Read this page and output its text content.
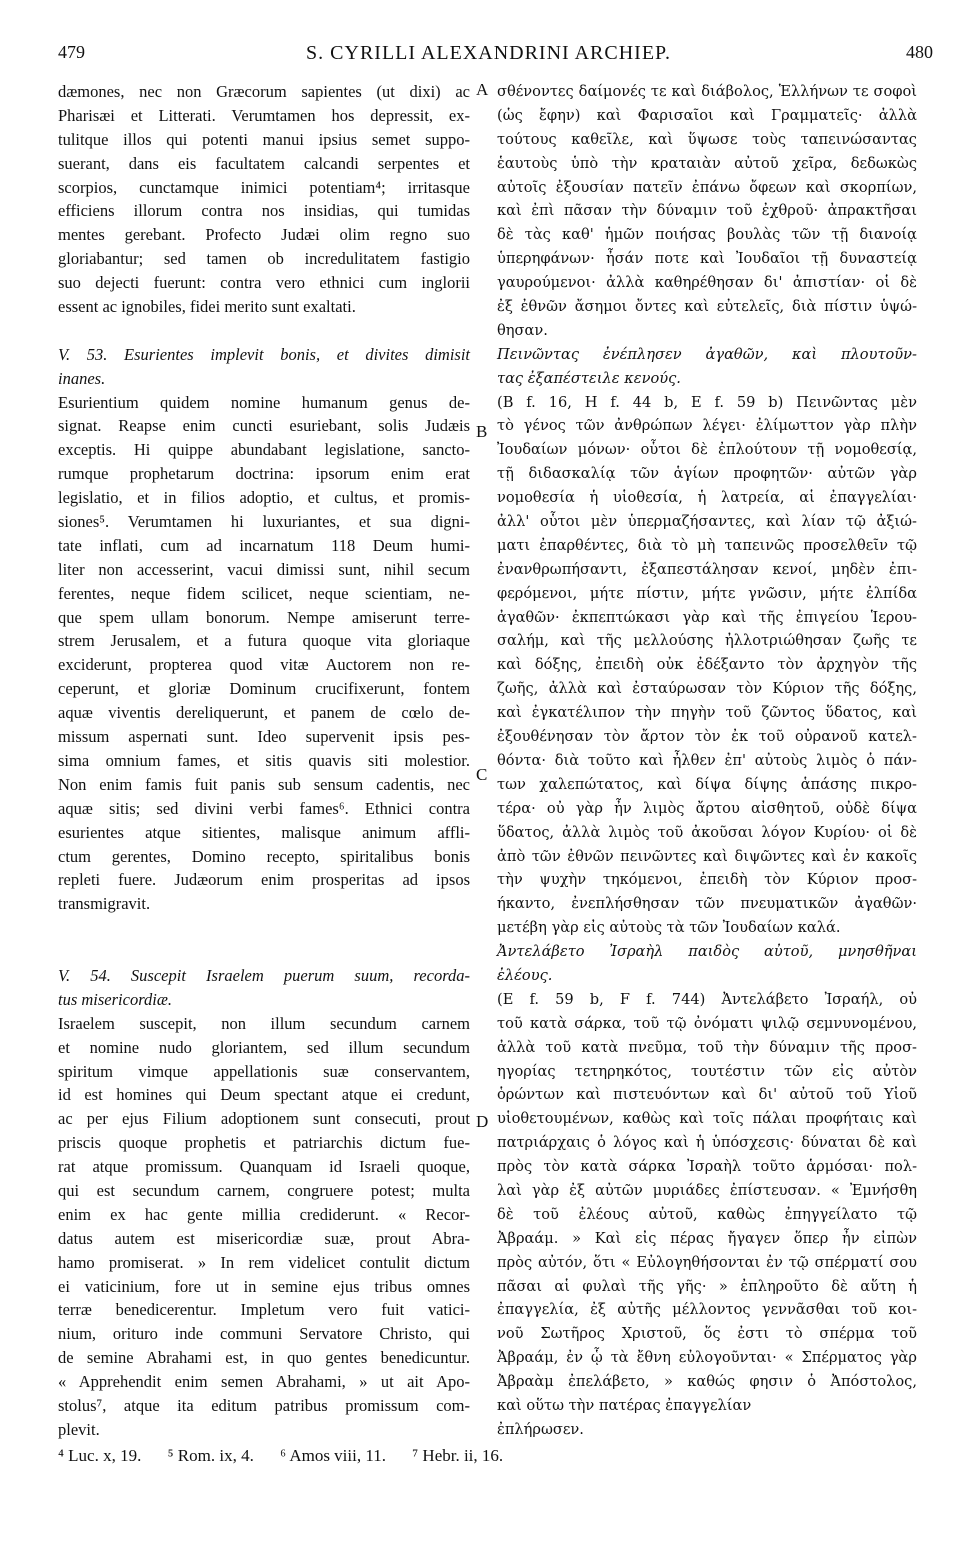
479	S. CYRILLI ALEXANDRINI ARCHIEP.	480
dæmones, nec non Græcorum sapientes (ut dixi) ac
Pharisæi et Litterati. Verumtamen hos depressit, ex-
tulitque illos qui potenti manui ipsius semet suppo-
suerant, dans eis facultatem calcandi serpentes et
scorpios, cunctamque inimici potentiam⁴; irritasque
efficiens illorum contra nos insidias, qui tumidas
mentes gerebant. Profecto Judæi olim regno suo
gloriabantur; sed tamen ob incredulitatem fastigio
suo dejecti fuerunt: contra vero ethnici cum inglorii
essent ac ignobiles, fidei merito sunt exaltati.
V. 53. Esurientes implevit bonis, et divites dimisit
inanes.
Esurientium quidem nomine humanum genus de-
signat. Reapse enim cuncti esuriebant, solis Judæis
exceptis. Hi quippe abundabant legislatione, sancto-
rumque prophetarum doctrina: ipsorum enim erat
legislatio, et in filios adoptio, et cultus, et promis-
siones⁵. Verumtamen hi luxuriantes, et sua digni-
tate inflati, cum ad incarnatum 118 Deum humi-
liter non accesserint, vacui dimissi sunt, nihil secum
ferentes, neque fidem scilicet, neque scientiam, ne-
que spem ullam bonorum. Nempe amiserunt terre-
strem Jerusalem, et a futura quoque vita gloriaque
exciderunt, propterea quod vitæ Auctorem non re-
ceperunt, et gloriæ Dominum crucifixerunt, fontem
aquæ viventis dereliquerunt, et panem de cœlo de-
missum aspernati sunt. Ideo supervenit ipsis pes-
sima omnium fames, et sitis quavis siti molestior.
Non enim famis fuit panis sub sensum cadentis, nec
aquæ sitis; sed divini verbi fames⁶. Ethnici contra
esurientes atque sitientes, malisque animum affli-
ctum gerentes, Domino recepto, spiritalibus bonis
repleti fuere. Judæorum enim prosperitas ad ipsos
transmigravit.
V. 54. Suscepit Israelem puerum suum, recorda-
tus misericordiæ.
Israelem suscepit, non illum secundum carnem
et nomine nudo gloriantem, sed illum secundum
spiritum vimque appellationis suæ conservantem,
id est homines qui Deum spectant atque ei credunt,
ac per ejus Filium adoptionem sunt consecuti, prout
priscis quoque prophetis et patriarchis dictum fue-
rat atque promissum. Quanquam id Israeli quoque,
qui est secundum carnem, congruere potest; multa
enim ex hac gente millia crediderunt. « Recor-
datus autem est misericordiæ suæ, prout Abra-
hamo promiserat. » In rem videlicet contulit dictum
ei vaticinium, fore ut in semine ejus tribus omnes
terræ benedicerentur. Impletum vero fuit vatici-
nium, orituro inde communi Servatore Christo, qui
de semine Abrahami est, in quo gentes benedicuntur.
« Apprehendit enim semen Abrahami, » ut ait Apo-
stolus⁷, atque ita editum patribus promissum com-
plevit.
σθένοντες δαίμονές τε καὶ διάβολος, Ἑλλήνων τε σοφοὶ
(ὡς ἔφην) καὶ Φαρισαῖοι καὶ Γραμματεῖς· ἀλλὰ
τούτους καθεῖλε, καὶ ὕψωσε τοὺς ταπεινώσαντας
ἑαυτοὺς ὑπὸ τὴν κραταιὰν αὐτοῦ χεῖρα, δεδωκὼς
αὐτοῖς ἐξουσίαν πατεῖν ἐπάνω ὄφεων καὶ σκορπίων,
καὶ ἐπὶ πᾶσαν τὴν δύναμιν τοῦ ἐχθροῦ· ἀπρακτῆσαι
δὲ τὰς καθ' ἡμῶν ποιήσας βουλὰς τῶν τῇ διανοίᾳ
ὑπερηφάνων· ἦσάν ποτε καὶ Ἰουδαῖοι τῇ δυναστείᾳ
γαυρούμενοι· ἀλλὰ καθηρέθησαν δι' ἀπιστίαν· οἱ δὲ
ἐξ ἐθνῶν ἄσημοι ὄντες καὶ εὐτελεῖς, διὰ πίστιν ὑψώ-
θησαν.
Πεινῶντας ἐνέπλησεν ἀγαθῶν, καὶ πλουτοῦν-
τας ἐξαπέστειλε κενούς.
(B f. 16, H f. 44 b, E f. 59 b) Πεινῶντας μὲν
τὸ γένος τῶν ἀνθρώπων λέγει· ἐλίμωττον γὰρ πλὴν
Ἰουδαίων μόνων· οὗτοι δὲ ἐπλούτουν τῇ νομοθεσίᾳ,
τῇ διδασκαλίᾳ τῶν ἁγίων προφητῶν· αὐτῶν γὰρ
νομοθεσία ἡ υἱοθεσία, ἡ λατρεία, αἱ ἐπαγγελίαι·
ἀλλ' οὗτοι μὲν ὑπερμαζήσαντες, καὶ λίαν τῷ ἀξιώ-
ματι ἐπαρθέντες, διὰ τὸ μὴ ταπεινῶς προσελθεῖν τῷ
ἐνανθρωπήσαντι, ἐξαπεστάλησαν κενοί, μηδὲν ἐπι-
φερόμενοι, μήτε πίστιν, μήτε γνῶσιν, μήτε ἐλπίδα
ἀγαθῶν· ἐκπεπτώκασι γὰρ καὶ τῆς ἐπιγείου Ἱερου-
σαλήμ, καὶ τῆς μελλούσης ἠλλοτριώθησαν ζωῆς τε
καὶ δόξης, ἐπειδὴ οὐκ ἐδέξαντο τὸν ἀρχηγὸν τῆς
ζωῆς, ἀλλὰ καὶ ἐσταύρωσαν τὸν Κύριον τῆς δόξης,
καὶ ἐγκατέλιπον τὴν πηγὴν τοῦ ζῶντος ὕδατος, καὶ
ἐξουθένησαν τὸν ἄρτον τὸν ἐκ τοῦ οὐρανοῦ κατελ-
θόντα· διὰ τοῦτο καὶ ἦλθεν ἐπ' αὐτοὺς λιμὸς ὁ πάν-
των χαλεπώτατος, καὶ δίψα δίψης ἁπάσης πικρο-
τέρα· οὐ γὰρ ἦν λιμὸς ἄρτου αἰσθητοῦ, οὐδὲ δίψα
ὕδατος, ἀλλὰ λιμὸς τοῦ ἀκοῦσαι λόγον Κυρίου· οἱ δὲ
ἀπὸ τῶν ἐθνῶν πεινῶντες καὶ διψῶντες καὶ ἐν κακοῖς
τὴν ψυχὴν τηκόμενοι, ἐπειδὴ τὸν Κύριον προσ-
ήκαντο, ἐνεπλήσθησαν τῶν πνευματικῶν ἀγαθῶν·
μετέβη γὰρ εἰς αὐτοὺς τὰ τῶν Ἰουδαίων καλά.
Ἀντελάβετο Ἰσραὴλ παιδὸς αὐτοῦ, μνησθῆναι
ἐλέους.
(E f. 59 b, F f. 744) Ἀντελάβετο Ἰσραήλ, οὐ
τοῦ κατὰ σάρκα, τοῦ τῷ ὀνόματι ψιλῷ σεμνυνομένου,
ἀλλὰ τοῦ κατὰ πνεῦμα, τοῦ τὴν δύναμιν τῆς προσ-
ηγορίας τετηρηκότος, τουτέστιν τῶν εἰς αὐτὸν
ὁρώντων καὶ πιστευόντων καὶ δι' αὐτοῦ τοῦ Υἱοῦ
υἱοθετουμένων, καθὼς καὶ τοῖς πάλαι προφήταις καὶ
πατριάρχαις ὁ λόγος καὶ ἡ ὑπόσχεσις· δύναται δὲ καὶ
πρὸς τὸν κατὰ σάρκα Ἰσραὴλ τοῦτο ἁρμόσαι· πολ-
λαὶ γὰρ ἐξ αὐτῶν μυριάδες ἐπίστευσαν. « Ἐμνήσθη
δὲ τοῦ ἐλέους αὐτοῦ, καθὼς ἐπηγγείλατο τῷ
Ἀβραάμ. » Καὶ εἰς πέρας ἤγαγεν ὅπερ ἦν εἰπὼν
πρὸς αὐτόν, ὅτι « Εὐλογηθήσονται ἐν τῷ σπέρματί σου
πᾶσαι αἱ φυλαὶ τῆς γῆς· » ἐπληροῦτο δὲ αὕτη ἡ
ἐπαγγελία, ἐξ αὐτῆς μέλλοντος γεννᾶσθαι τοῦ κοι-
νοῦ Σωτῆρος Χριστοῦ, ὅς ἐστι τὸ σπέρμα τοῦ
Ἀβραάμ, ἐν ᾧ τὰ ἔθνη εὐλογοῦνται· « Σπέρματος γὰρ
Ἀβραὰμ ἐπελάβετο, » καθώς φησιν ὁ Ἀπόστολος,
καὶ οὕτω τὴν πατέρας ἐπαγγελίαν
ἐπλήρωσεν.
A
B
C
D
⁴ Luc. x, 19. ⁵ Rom. ix, 4. ⁶ Amos viii, 11. ⁷ Hebr. ii, 16.
